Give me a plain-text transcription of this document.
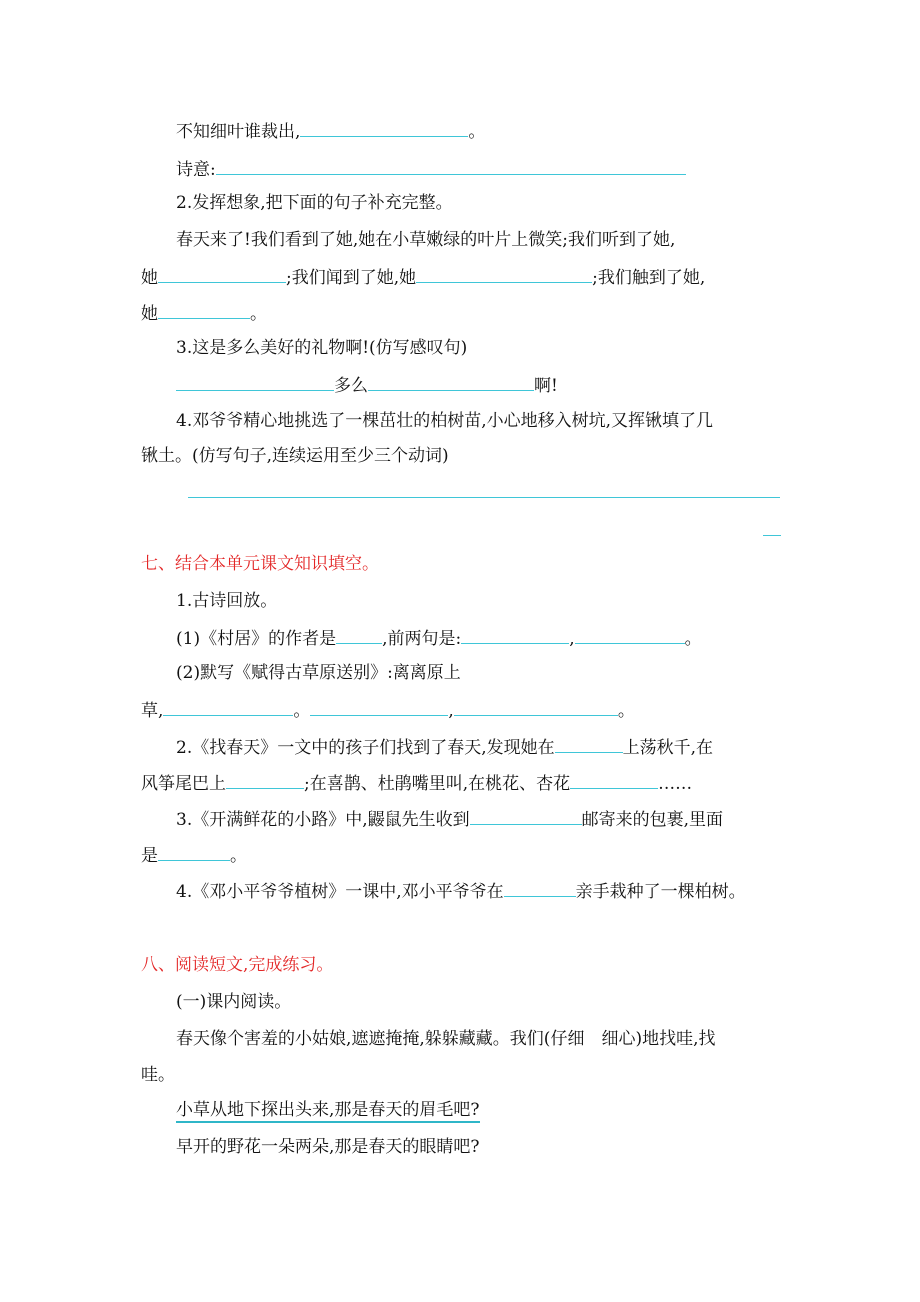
不知细叶谁裁出,	。
诗意:
2.发挥想象,把下面的句子补充完整。
春天来了!我们看到了她,她在小草嫩绿的叶片上微笑;我们听到了她,
她	;我们闻到了她,她	;我们触到了她,
她	。
3.这是多么美好的礼物啊!(仿写感叹句)
多么	啊!
4.邓爷爷精心地挑选了一棵茁壮的柏树苗,小心地移入树坑,又挥锹填了几
锹土。(仿写句子,连续运用至少三个动词)
七、结合本单元课文知识填空。
1.古诗回放。
(1)《村居》的作者是	,前两句是:	,	。
(2)默写《赋得古草原送别》:离离原上
草,	。	,	。
2.《找春天》一文中的孩子们找到了春天,发现她在	上荡秋千,在
风筝尾巴上	;在喜鹊、杜鹃嘴里叫,在桃花、杏花	……
3.《开满鲜花的小路》中,鼹鼠先生收到	邮寄来的包裹,里面
是	。
4.《邓小平爷爷植树》一课中,邓小平爷爷在	亲手栽种了一棵柏树。
八、阅读短文,完成练习。
(一)课内阅读。
春天像个害羞的小姑娘,遮遮掩掩,躲躲藏藏。我们(仔细　细心)地找哇,找
哇。
小草从地下探出头来,那是春天的眉毛吧?
早开的野花一朵两朵,那是春天的眼睛吧?
